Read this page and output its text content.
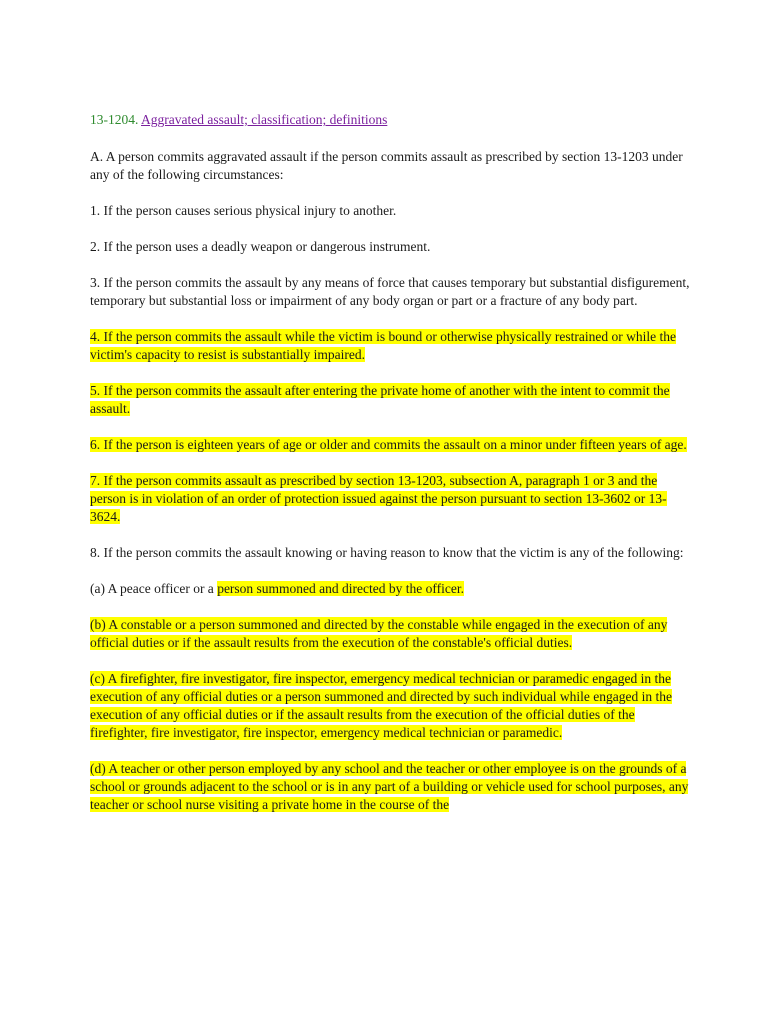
13-1204. Aggravated assault; classification; definitions

A. A person commits aggravated assault if the person commits assault as prescribed by section 13-1203 under any of the following circumstances:

1. If the person causes serious physical injury to another.

2. If the person uses a deadly weapon or dangerous instrument.

3. If the person commits the assault by any means of force that causes temporary but substantial disfigurement, temporary but substantial loss or impairment of any body organ or part or a fracture of any body part.

4. If the person commits the assault while the victim is bound or otherwise physically restrained or while the victim's capacity to resist is substantially impaired.

5. If the person commits the assault after entering the private home of another with the intent to commit the assault.

6. If the person is eighteen years of age or older and commits the assault on a minor under fifteen years of age.

7. If the person commits assault as prescribed by section 13-1203, subsection A, paragraph 1 or 3 and the person is in violation of an order of protection issued against the person pursuant to section 13-3602 or 13-3624.

8. If the person commits the assault knowing or having reason to know that the victim is any of the following:

(a) A peace officer or a person summoned and directed by the officer.

(b) A constable or a person summoned and directed by the constable while engaged in the execution of any official duties or if the assault results from the execution of the constable's official duties.

(c) A firefighter, fire investigator, fire inspector, emergency medical technician or paramedic engaged in the execution of any official duties or a person summoned and directed by such individual while engaged in the execution of any official duties or if the assault results from the execution of the official duties of the firefighter, fire investigator, fire inspector, emergency medical technician or paramedic.

(d) A teacher or other person employed by any school and the teacher or other employee is on the grounds of a school or grounds adjacent to the school or is in any part of a building or vehicle used for school purposes, any teacher or school nurse visiting a private home in the course of the
